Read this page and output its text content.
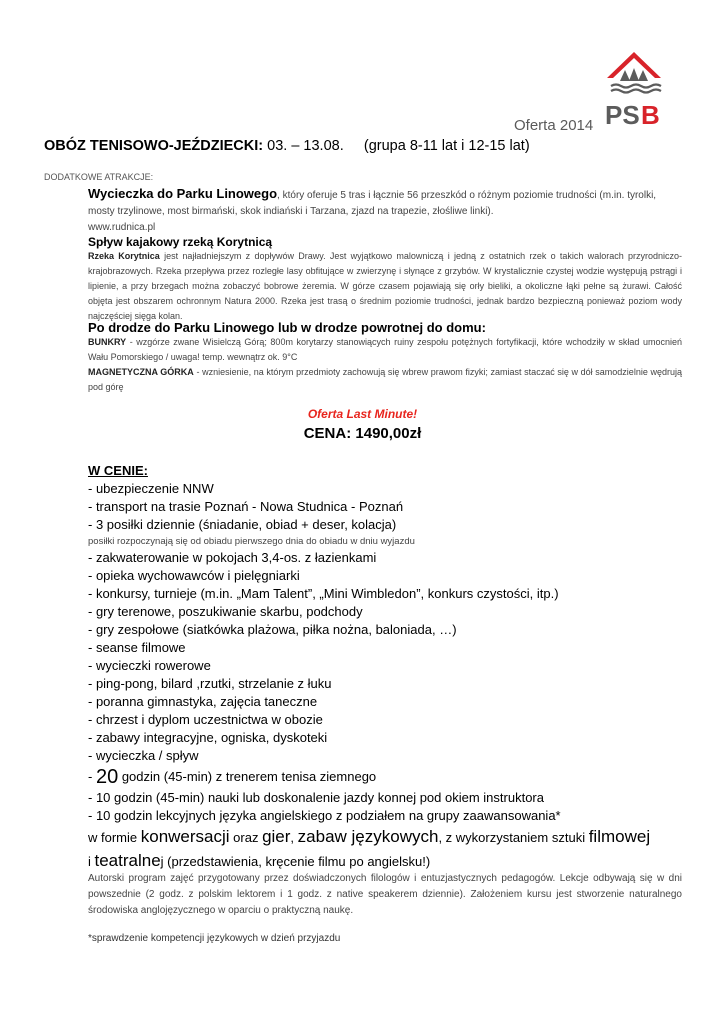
PS B
Oferta 2014
OBÓZ TENISOWO-JEŹDZIECKI: 03. – 13.08. (grupa 8-11 lat i 12-15 lat)
DODATKOWE ATRAKCJE:
Wycieczka do Parku Linowego, który oferuje 5 tras i łącznie 56 przeszkód o różnym poziomie trudności (m.in. tyrolki, mosty trzylinowe, most birmański, skok indiański i Tarzana, zjazd na trapezie, złośliwe linki).
www.rudnica.pl
Spływ kajakowy rzeką Korytnicą
Rzeka Korytnica jest najładniejszym z dopływów Drawy. Jest wyjątkowo malowniczą i jedną z ostatnich rzek o takich walorach przyrodniczo-krajobrazowych. Rzeka przepływa przez rozległe lasy obfitujące w zwierzynę i słynące z grzybów. W krystalicznie czystej wodzie występują pstrągi i lipienie, a przy brzegach można zobaczyć bobrowe żeremia. W górze czasem pojawiają się orły bieliki, a okoliczne łąki pełne są żurawi. Całość objęta jest obszarem ochronnym Natura 2000. Rzeka jest trasą o średnim poziomie trudności, jednak bardzo bezpieczną ponieważ poziom wody najczęściej sięga kolan.
Po drodze do Parku Linowego lub w drodze powrotnej do domu:
BUNKRY - wzgórze zwane Wisielczą Górą; 800m korytarzy stanowiących ruiny zespołu potężnych fortyfikacji, które wchodziły w skład umocnień Wału Pomorskiego / uwaga! temp. wewnątrz ok. 9°C
MAGNETYCZNA GÓRKA - wzniesienie, na którym przedmioty zachowują się wbrew prawom fizyki; zamiast staczać się w dół samodzielnie wędrują pod górę
Oferta Last Minute!
CENA: 1490,00zł
W CENIE:
- ubezpieczenie NNW
- transport na trasie Poznań - Nowa Studnica - Poznań
- 3 posiłki dziennie (śniadanie, obiad + deser, kolacja)
posiłki rozpoczynają się od obiadu pierwszego dnia do obiadu w dniu wyjazdu
- zakwaterowanie w pokojach 3,4-os. z łazienkami
- opieka wychowawców i pielęgniarki
- konkursy, turnieje (m.in. „Mam Talent”, „Mini Wimbledon”, konkurs czystości, itp.)
- gry terenowe, poszukiwanie skarbu, podchody
- gry zespołowe (siatkówka plażowa, piłka nożna, baloniada, …)
- seanse filmowe
- wycieczki rowerowe
- ping-pong, bilard ,rzutki, strzelanie z łuku
- poranna gimnastyka, zajęcia taneczne
- chrzest i dyplom uczestnictwa w obozie
- zabawy integracyjne, ogniska, dyskoteki
- wycieczka / spływ
- 20 godzin (45-min) z trenerem tenisa ziemnego
- 10 godzin (45-min) nauki lub doskonalenie jazdy konnej pod okiem instruktora
- 10 godzin lekcyjnych języka angielskiego z podziałem na grupy zaawansowania*
w formie konwersacji oraz gier, zabaw językowych, z wykorzystaniem sztuki filmowej
i teatralnej (przedstawienia, kręcenie filmu po angielsku!)
Autorski program zajęć przygotowany przez doświadczonych filologów i entuzjastycznych pedagogów. Lekcje odbywają się w dni powszednie (2 godz. z polskim lektorem i 1 godz. z native speakerem dziennie). Założeniem kursu jest stworzenie naturalnego środowiska anglojęzycznego w oparciu o praktyczną naukę.
*sprawdzenie kompetencji językowych w dzień przyjazdu
